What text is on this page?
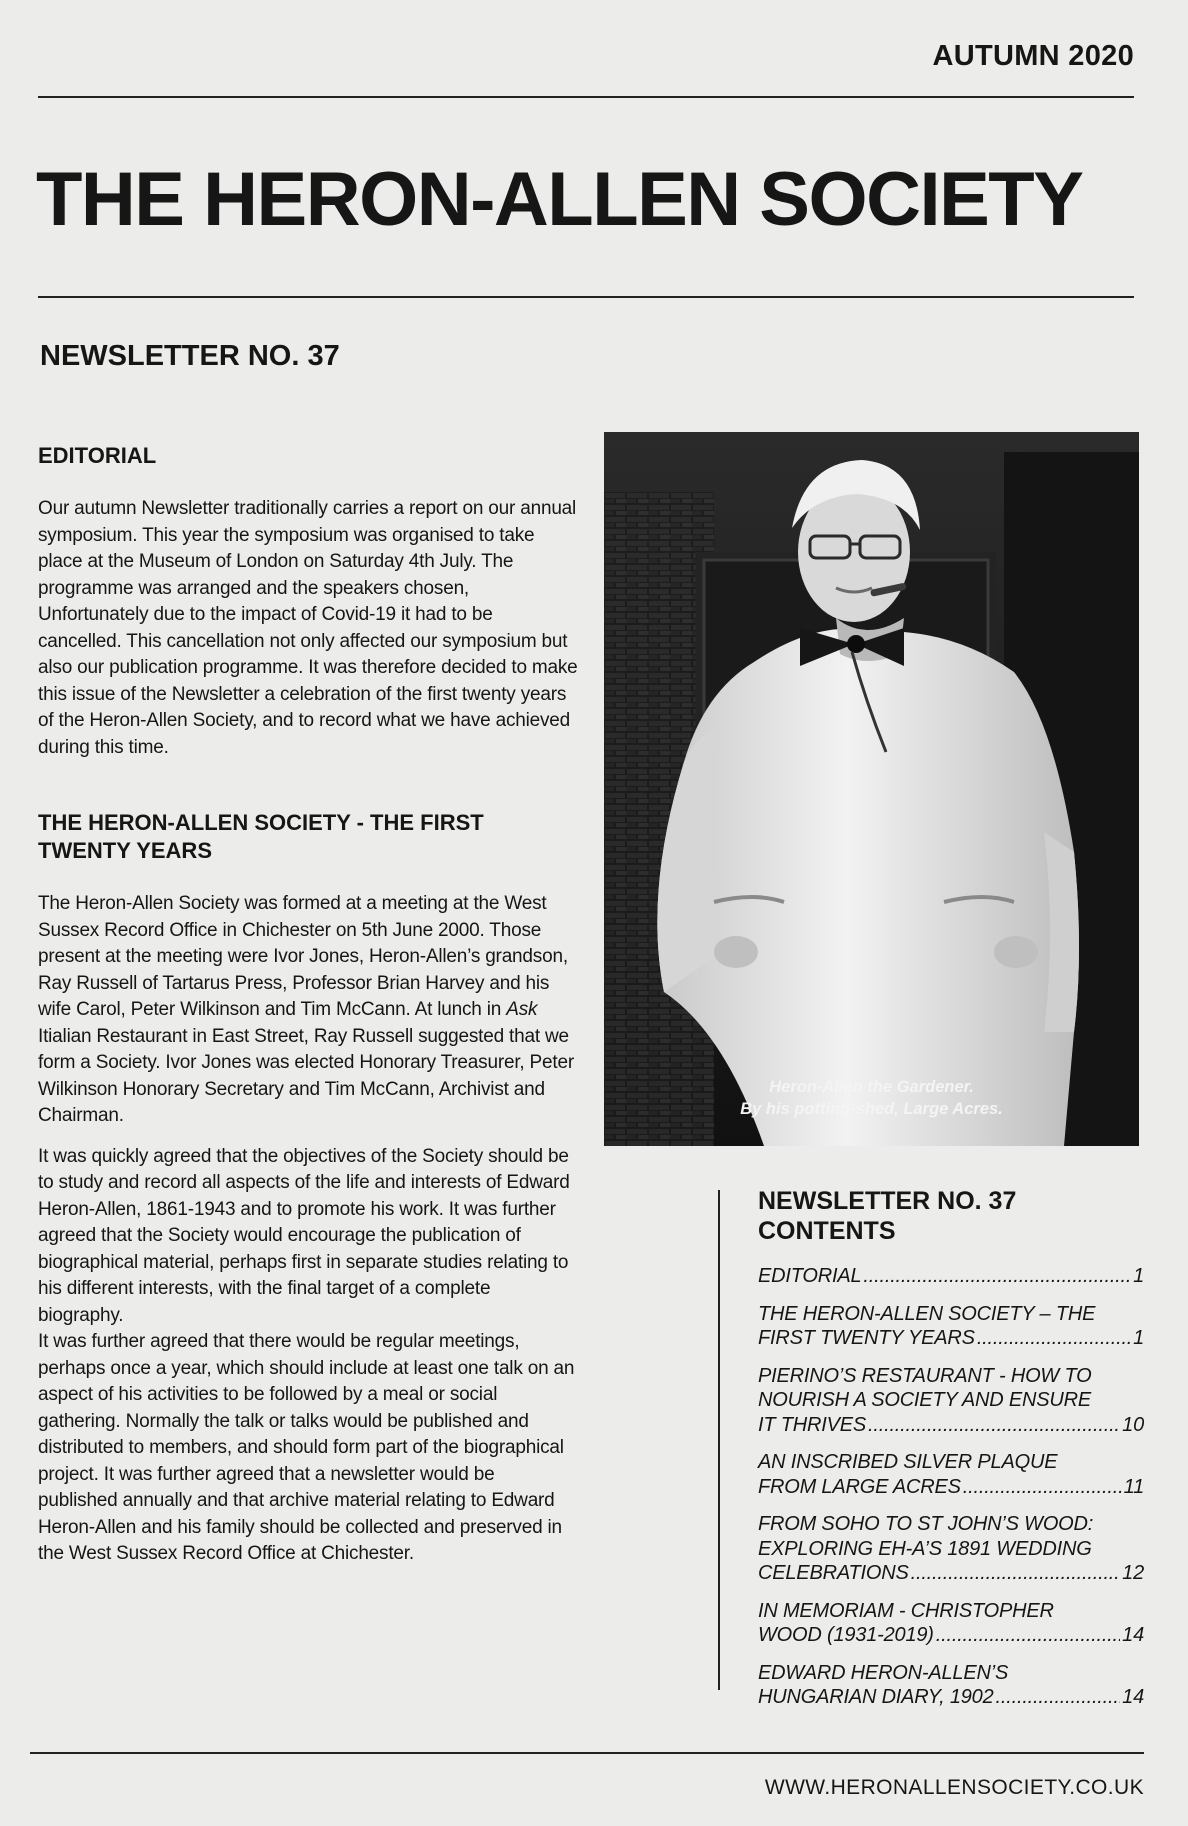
AUTUMN 2020
THE HERON-ALLEN SOCIETY
NEWSLETTER NO. 37
EDITORIAL

Our autumn Newsletter traditionally carries a report on our annual symposium. This year the symposium was organised to take place at the Museum of London on Saturday 4th July. The programme was arranged and the speakers chosen, Unfortunately due to the impact of Covid-19 it had to be cancelled. This cancellation not only affected our symposium but also our publication programme. It was therefore decided to make this issue of the Newsletter a celebration of the first twenty years of the Heron-Allen Society, and to record what we have achieved during this time.

THE HERON-ALLEN SOCIETY - THE FIRST TWENTY YEARS

The Heron-Allen Society was formed at a meeting at the West Sussex Record Office in Chichester on 5th June 2000. Those present at the meeting were Ivor Jones, Heron-Allen’s grandson, Ray Russell of Tartarus Press, Professor Brian Harvey and his wife Carol, Peter Wilkinson and Tim McCann. At lunch in Ask Itialian Restaurant in East Street, Ray Russell suggested that we form a Society. Ivor Jones was elected Honorary Treasurer, Peter Wilkinson Honorary Secretary and Tim McCann, Archivist and Chairman.

It was quickly agreed that the objectives of the Society should be to study and record all aspects of the life and interests of Edward Heron-Allen, 1861-1943 and to promote his work. It was further agreed that the Society would encourage the publication of biographical material, perhaps first in separate studies relating to his different interests, with the final target of a complete biography.

It was further agreed that there would be regular meetings, perhaps once a year, which should include at least one talk on an aspect of his activities to be followed by a meal or social gathering. Normally the talk or talks would be published and distributed to members, and should form part of the biographical project. It was further agreed that a newsletter would be published annually and that archive material relating to Edward Heron-Allen and his family should be collected and preserved in the West Sussex Record Office at Chichester.

Heron-Allen the Gardener.
By his potting-shed, Large Acres.
NEWSLETTER NO. 37
CONTENTS
EDITORIAL .....	1
THE HERON-ALLEN SOCIETY – THE
FIRST TWENTY YEARS .....	1
PIERINO’S RESTAURANT - HOW TO
NOURISH A SOCIETY AND ENSURE
IT THRIVES .....	10
AN INSCRIBED SILVER PLAQUE
FROM LARGE ACRES .....	11
FROM SOHO TO ST JOHN’S WOOD:
EXPLORING EH-A’S 1891 WEDDING
CELEBRATIONS .....	12
IN MEMORIAM - CHRISTOPHER
WOOD (1931-2019) .....	14
EDWARD HERON-ALLEN’S
HUNGARIAN DIARY, 1902 .....	14
WWW.HERONALLENSOCIETY.CO.UK
